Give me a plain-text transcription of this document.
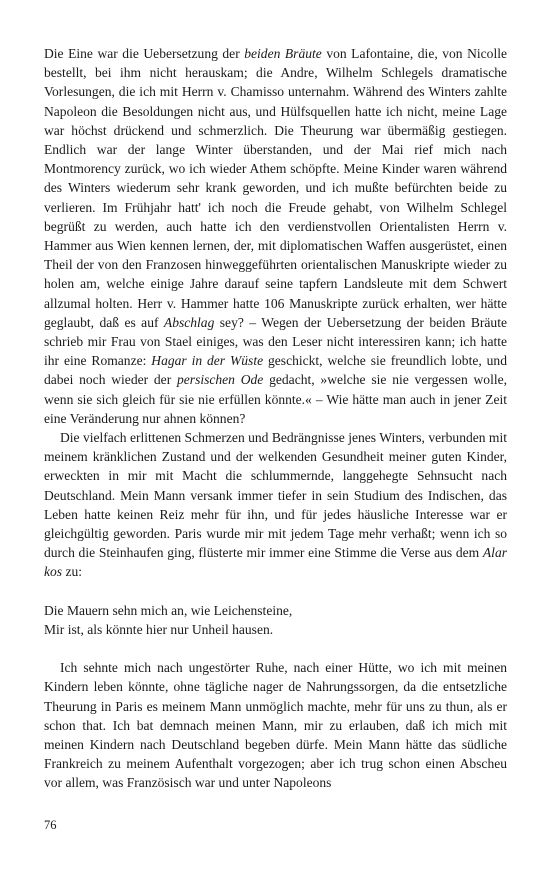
Die Eine war die Uebersetzung der beiden Bräute von Lafontaine, die, von Nicolle bestellt, bei ihm nicht herauskam; die Andre, Wilhelm Schlegels dramatische Vorlesungen, die ich mit Herrn v. Chamisso unternahm. Während des Winters zahlte Napoleon die Besoldungen nicht aus, und Hülfsquellen hatte ich nicht, meine Lage war höchst drückend und schmerzlich. Die Theurung war übermäßig gestiegen. Endlich war der lange Winter überstanden, und der Mai rief mich nach Montmorency zurück, wo ich wieder Athem schöpfte. Meine Kinder waren während des Winters wiederum sehr krank geworden, und ich mußte befürchten beide zu verlieren. Im Frühjahr hatt' ich noch die Freude gehabt, von Wilhelm Schlegel begrüßt zu werden, auch hatte ich den verdienstvollen Orientalisten Herrn v. Hammer aus Wien kennen lernen, der, mit diplomatischen Waffen ausgerüstet, einen Theil der von den Franzosen hinweggeführten orientalischen Manuskripte wieder zu holen am, welche einige Jahre darauf seine tapfern Landsleute mit dem Schwert allzumal holten. Herr v. Hammer hatte 106 Manuskripte zurück erhalten, wer hätte geglaubt, daß es auf Abschlag sey? – Wegen der Uebersetzung der beiden Bräute schrieb mir Frau von Stael einiges, was den Leser nicht interessiren kann; ich hatte ihr eine Romanze: Hagar in der Wüste geschickt, welche sie freundlich lobte, und dabei noch wieder der persischen Ode gedacht, »welche sie nie vergessen wolle, wenn sie sich gleich für sie nie erfüllen könnte.« – Wie hätte man auch in jener Zeit eine Veränderung nur ahnen können?

Die vielfach erlittenen Schmerzen und Bedrängnisse jenes Winters, verbunden mit meinem kränklichen Zustand und der welkenden Gesundheit meiner guten Kinder, erweckten in mir mit Macht die schlummernde, langgehegte Sehnsucht nach Deutschland. Mein Mann versank immer tiefer in sein Studium des Indischen, das Leben hatte keinen Reiz mehr für ihn, und für jedes häusliche Interesse war er gleichgültig geworden. Paris wurde mir mit jedem Tage mehr verhaßt; wenn ich so durch die Steinhaufen ging, flüsterte mir immer eine Stimme die Verse aus dem Alar kos zu:

Die Mauern sehn mich an, wie Leichensteine,

Mir ist, als könnte hier nur Unheil hausen.

Ich sehnte mich nach ungestörter Ruhe, nach einer Hütte, wo ich mit meinen Kindern leben könnte, ohne tägliche nager de Nahrungssorgen, da die entsetzliche Theurung in Paris es meinem Mann unmöglich machte, mehr für uns zu thun, als er schon that. Ich bat demnach meinen Mann, mir zu erlauben, daß ich mich mit meinen Kindern nach Deutschland begeben dürfe. Mein Mann hätte das südliche Frankreich zu meinem Aufenthalt vorgezogen; aber ich trug schon einen Abscheu vor allem, was Französisch war und unter Napoleons

76
